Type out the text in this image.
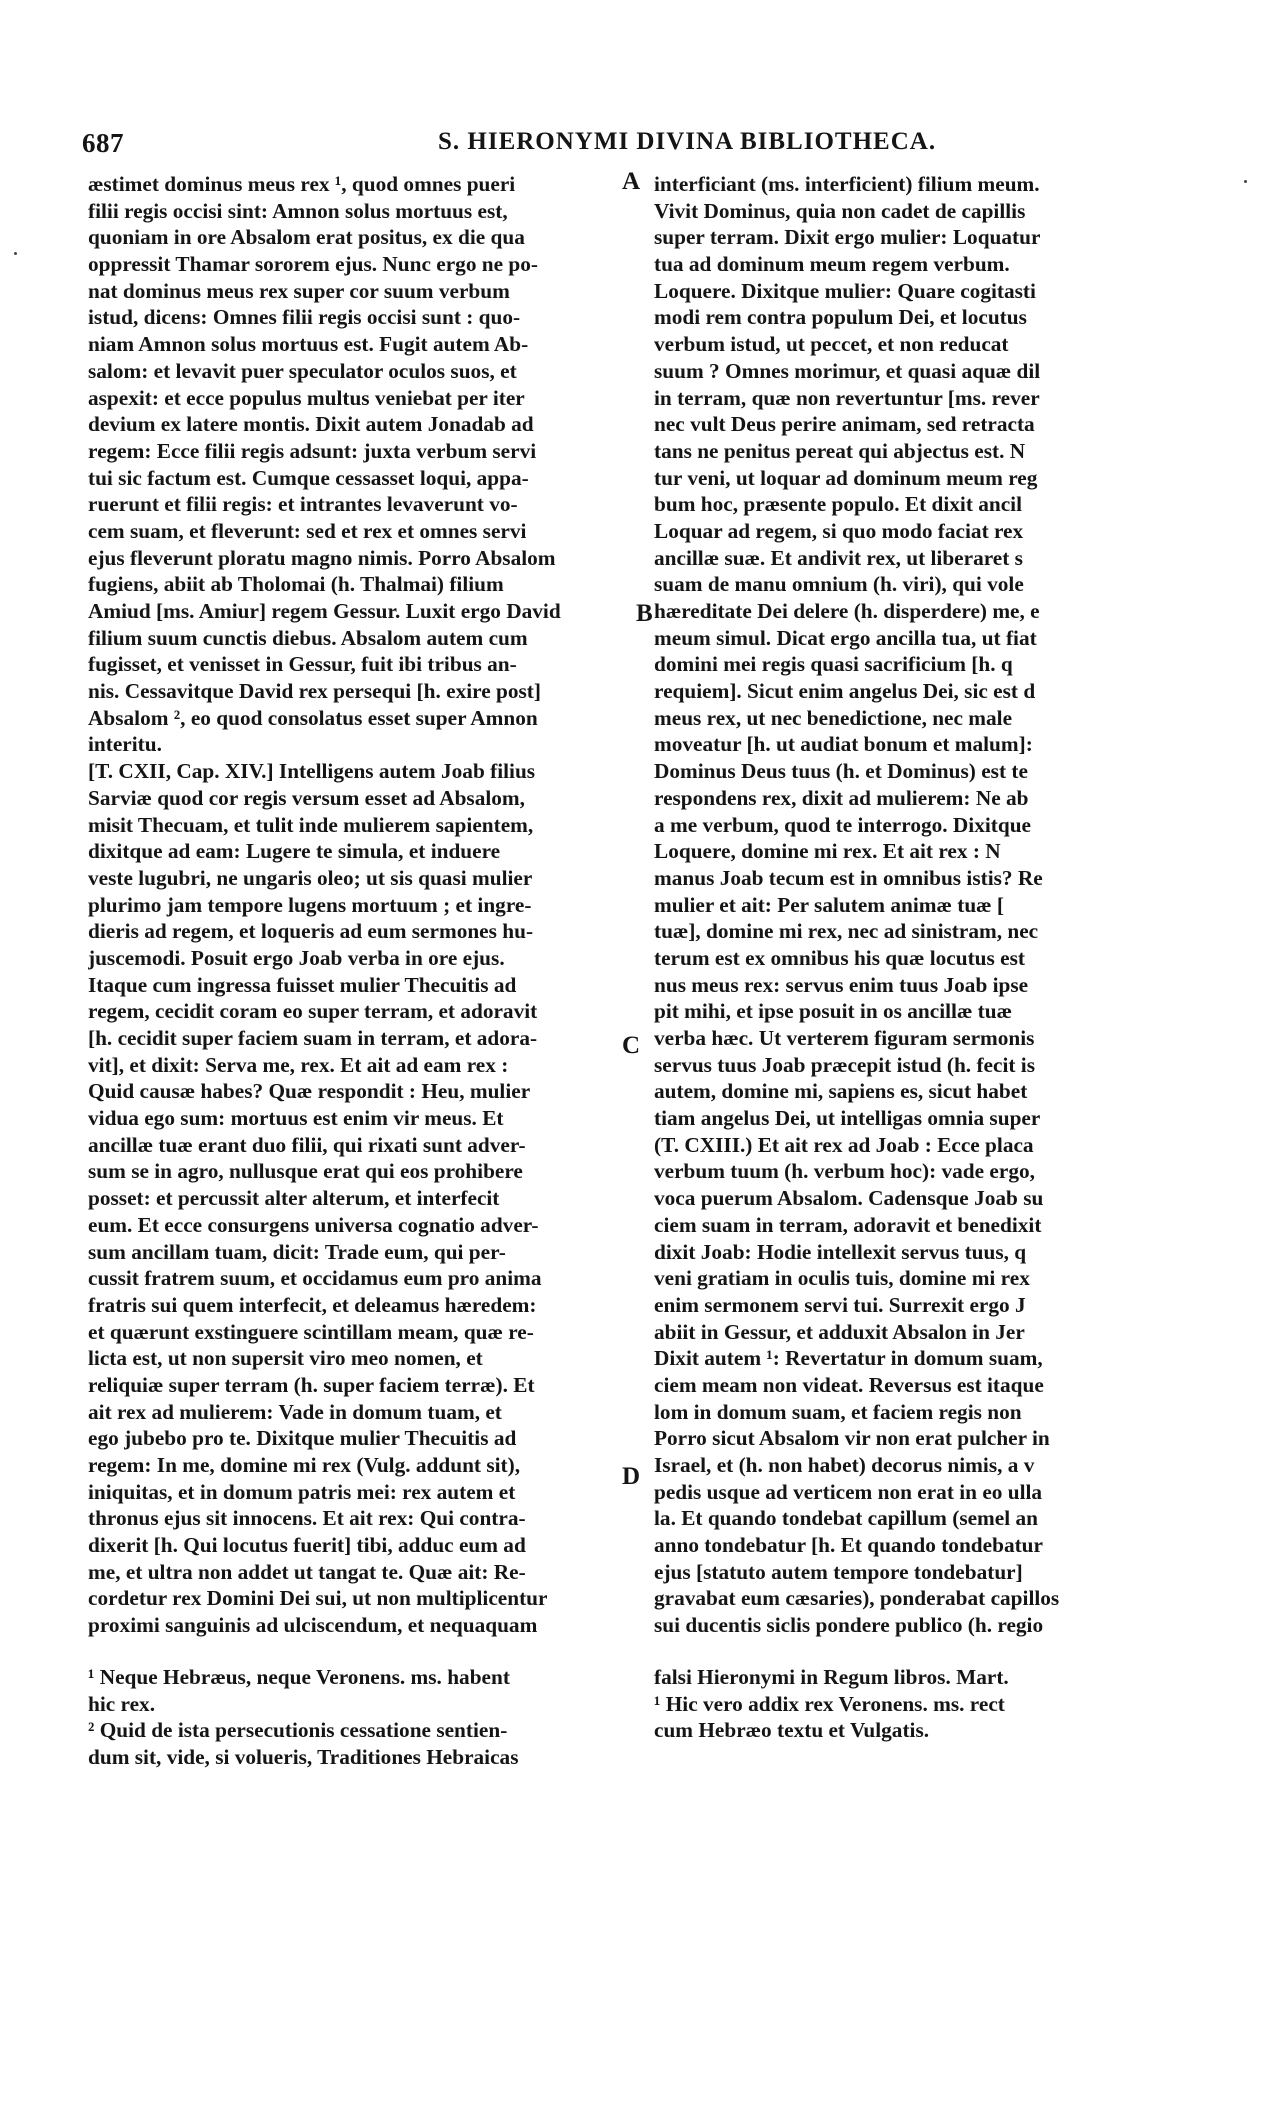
687	S. HIERONYMI DIVINA BIBLIOTHECA.
A
B
C
D
æstimet dominus meus rex ¹, quod omnes pueri
filii regis occisi sint: Amnon solus mortuus est,
quoniam in ore Absalom erat positus, ex die qua
oppressit Thamar sororem ejus. Nunc ergo ne po-
nat dominus meus rex super cor suum verbum
istud, dicens: Omnes filii regis occisi sunt : quo-
niam Amnon solus mortuus est. Fugit autem Ab-
salom: et levavit puer speculator oculos suos, et
aspexit: et ecce populus multus veniebat per iter
devium ex latere montis. Dixit autem Jonadab ad
regem: Ecce filii regis adsunt: juxta verbum servi
tui sic factum est. Cumque cessasset loqui, appa-
ruerunt et filii regis: et intrantes levaverunt vo-
cem suam, et fleverunt: sed et rex et omnes servi
ejus fleverunt ploratu magno nimis. Porro Absalom
fugiens, abiit ab Tholomai (h. Thalmai) filium
Amiud [ms. Amiur] regem Gessur. Luxit ergo David
filium suum cunctis diebus. Absalom autem cum
fugisset, et venisset in Gessur, fuit ibi tribus an-
nis. Cessavitque David rex persequi [h. exire post]
Absalom ², eo quod consolatus esset super Amnon
interitu.
[T. CXII, Cap. XIV.] Intelligens autem Joab filius
Sarviæ quod cor regis versum esset ad Absalom,
misit Thecuam, et tulit inde mulierem sapientem,
dixitque ad eam: Lugere te simula, et induere
veste lugubri, ne ungaris oleo; ut sis quasi mulier
plurimo jam tempore lugens mortuum ; et ingre-
dieris ad regem, et loqueris ad eum sermones hu-
juscemodi. Posuit ergo Joab verba in ore ejus.
Itaque cum ingressa fuisset mulier Thecuitis ad
regem, cecidit coram eo super terram, et adoravit
[h. cecidit super faciem suam in terram, et adora-
vit], et dixit: Serva me, rex. Et ait ad eam rex :
Quid causæ habes? Quæ respondit : Heu, mulier
vidua ego sum: mortuus est enim vir meus. Et
ancillæ tuæ erant duo filii, qui rixati sunt adver-
sum se in agro, nullusque erat qui eos prohibere
posset: et percussit alter alterum, et interfecit
eum. Et ecce consurgens universa cognatio adver-
sum ancillam tuam, dicit: Trade eum, qui per-
cussit fratrem suum, et occidamus eum pro anima
fratris sui quem interfecit, et deleamus hæredem:
et quærunt exstinguere scintillam meam, quæ re-
licta est, ut non supersit viro meo nomen, et
reliquiæ super terram (h. super faciem terræ). Et
ait rex ad mulierem: Vade in domum tuam, et
ego jubebo pro te. Dixitque mulier Thecuitis ad
regem: In me, domine mi rex (Vulg. addunt sit),
iniquitas, et in domum patris mei: rex autem et
thronus ejus sit innocens. Et ait rex: Qui contra-
dixerit [h. Qui locutus fuerit] tibi, adduc eum ad
me, et ultra non addet ut tangat te. Quæ ait: Re-
cordetur rex Domini Dei sui, ut non multiplicentur
proximi sanguinis ad ulciscendum, et nequaquam
interficiant (ms. interficient) filium meum.
Vivit Dominus, quia non cadet de capillis
super terram. Dixit ergo mulier: Loquatur
tua ad dominum meum regem verbum.
Loquere. Dixitque mulier: Quare cogitasti
modi rem contra populum Dei, et locutus
verbum istud, ut peccet, et non reducat
suum ? Omnes morimur, et quasi aquæ dil
in terram, quæ non revertuntur [ms. rever
nec vult Deus perire animam, sed retracta
tans ne penitus pereat qui abjectus est. N
tur veni, ut loquar ad dominum meum reg
bum hoc, præsente populo. Et dixit ancil
Loquar ad regem, si quo modo faciat rex
ancillæ suæ. Et andivit rex, ut liberaret s
suam de manu omnium (h. viri), qui vole
hæreditate Dei delere (h. disperdere) me, e
meum simul. Dicat ergo ancilla tua, ut fiat
domini mei regis quasi sacrificium [h. q
requiem]. Sicut enim angelus Dei, sic est d
meus rex, ut nec benedictione, nec male
moveatur [h. ut audiat bonum et malum]:
Dominus Deus tuus (h. et Dominus) est te
respondens rex, dixit ad mulierem: Ne ab
a me verbum, quod te interrogo. Dixitque
Loquere, domine mi rex. Et ait rex : N
manus Joab tecum est in omnibus istis? Re
mulier et ait: Per salutem animæ tuæ [
tuæ], domine mi rex, nec ad sinistram, nec
terum est ex omnibus his quæ locutus est
nus meus rex: servus enim tuus Joab ipse
pit mihi, et ipse posuit in os ancillæ tuæ
verba hæc. Ut verterem figuram sermonis
servus tuus Joab præcepit istud (h. fecit is
autem, domine mi, sapiens es, sicut habet
tiam angelus Dei, ut intelligas omnia super
(T. CXIII.) Et ait rex ad Joab : Ecce placa
verbum tuum (h. verbum hoc): vade ergo,
voca puerum Absalom. Cadensque Joab su
ciem suam in terram, adoravit et benedixit
dixit Joab: Hodie intellexit servus tuus, q
veni gratiam in oculis tuis, domine mi rex
enim sermonem servi tui. Surrexit ergo J
abiit in Gessur, et adduxit Absalon in Jer
Dixit autem ¹: Revertatur in domum suam,
ciem meam non videat. Reversus est itaque
lom in domum suam, et faciem regis non
Porro sicut Absalom vir non erat pulcher in
Israel, et (h. non habet) decorus nimis, a v
pedis usque ad verticem non erat in eo ulla
la. Et quando tondebat capillum (semel an
anno tondebatur [h. Et quando tondebatur
ejus [statuto autem tempore tondebatur]
gravabat eum cæsaries), ponderabat capillos
sui ducentis siclis pondere publico (h. regio
¹ Neque Hebræus, neque Veronens. ms. habent
hic rex.
² Quid de ista persecutionis cessatione sentien-
dum sit, vide, si volueris, Traditiones Hebraicas
falsi Hieronymi in Regum libros. Mart.
¹ Hic vero addix rex Veronens. ms. rect
cum Hebræo textu et Vulgatis.
